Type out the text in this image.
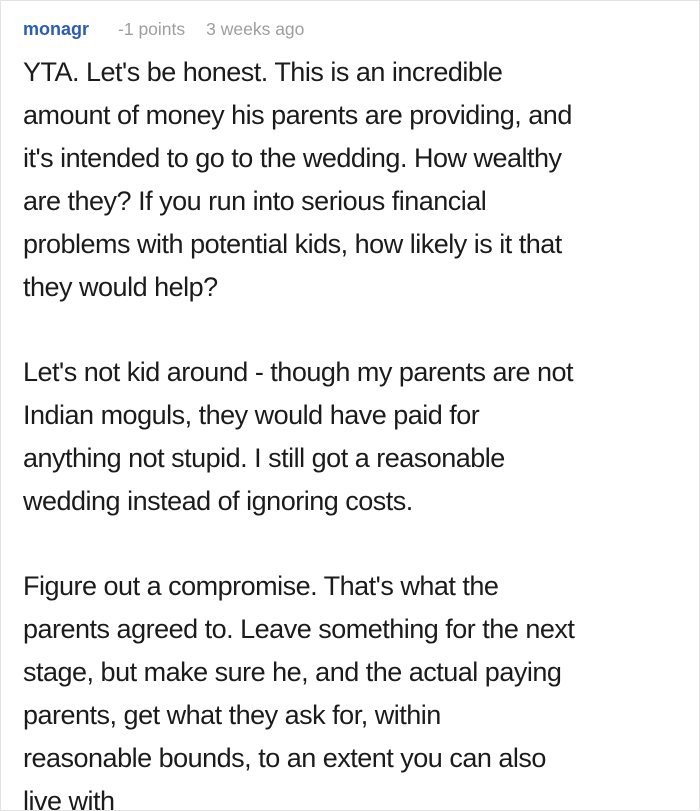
monagr -1 points 3 weeks ago
YTA. Let's be honest. This is an incredible
amount of money his parents are providing, and
it's intended to go to the wedding. How wealthy
are they? If you run into serious financial
problems with potential kids, how likely is it that
they would help?
Let's not kid around - though my parents are not
Indian moguls, they would have paid for
anything not stupid. I still got a reasonable
wedding instead of ignoring costs.
Figure out a compromise. That's what the
parents agreed to. Leave something for the next
stage, but make sure he, and the actual paying
parents, get what they ask for, within
reasonable bounds, to an extent you can also
live with
